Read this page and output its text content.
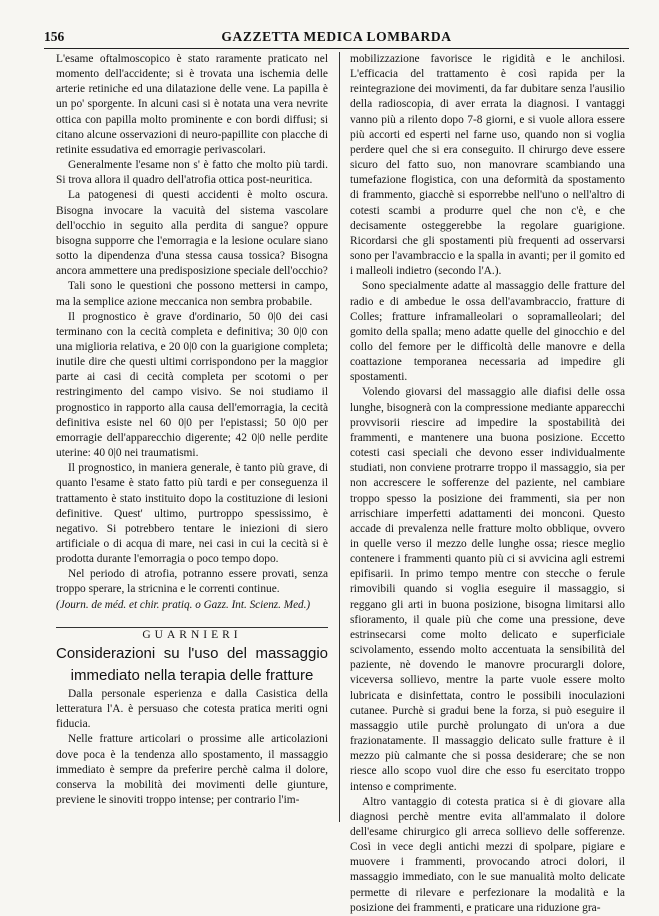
156	GAZZETTA MEDICA LOMBARDA

L'esame oftalmoscopico è stato raramente praticato nel momento dell'accidente; si è trovata una ischemia delle arterie retiniche ed una dilatazione delle vene. La papilla è un po' sporgente. In alcuni casi si è notata una vera nevrite ottica con papilla molto prominente e con bordi diffusi; si citano alcune osservazioni di neuro-papillite con placche di retinite essudativa ed emorragie perivascolari.

Generalmente l'esame non s' è fatto che molto più tardi. Si trova allora il quadro dell'atrofia ottica post-neuritica.

La patogenesi di questi accidenti è molto oscura. Bisogna invocare la vacuità del sistema vascolare dell'occhio in seguito alla perdita di sangue? oppure bisogna supporre che l'emorragia e la lesione oculare siano sotto la dipendenza d'una stessa causa tossica? Bisogna ancora ammettere una predisposizione speciale dell'occhio?

Tali sono le questioni che possono mettersi in campo, ma la semplice azione meccanica non sembra probabile.

Il prognostico è grave d'ordinario, 50 0|0 dei casi terminano con la cecità completa e definitiva; 30 0|0 con una miglioria relativa, e 20 0|0 con la guarigione completa; inutile dire che questi ultimi corrispondono per la maggior parte ai casi di cecità completa per scotomi o per restringimento del campo visivo. Se noi studiamo il prognostico in rapporto alla causa dell'emorragia, la cecità definitiva esiste nel 60 0|0 per l'epistassi; 50 0|0 per emorragie dell'apparecchio digerente; 42 0|0 nelle perdite uterine: 40 0|0 nei traumatismi.

Il prognostico, in maniera generale, è tanto più grave, di quanto l'esame è stato fatto più tardi e per conseguenza il trattamento è stato instituito dopo la costituzione di lesioni definitive. Quest' ultimo, purtroppo spessissimo, è negativo. Si potrebbero tentare le iniezioni di siero artificiale o di acqua di mare, nei casi in cui la cecità si è prodotta durante l'emorragia o poco tempo dopo.

Nel periodo di atrofia, potranno essere provati, senza troppo sperare, la stricnina e le correnti continue.

(Journ. de méd. et chir. pratiq. o Gazz. Int. Scienz. Med.)

GUARNIERI

Considerazioni su l'uso del massaggio immediato nella terapia delle fratture

Dalla personale esperienza e dalla Casistica della letteratura l'A. è persuaso che cotesta pratica meriti ogni fiducia.

Nelle fratture articolari o prossime alle articolazioni dove poca è la tendenza allo spostamento, il massaggio immediato è sempre da preferire perchè calma il dolore, conserva la mobilità dei movimenti delle giunture, previene le sinoviti troppo intense; per contrario l'im-

mobilizzazione favorisce le rigidità e le anchilosi. L'efficacia del trattamento è così rapida per la reintegrazione dei movimenti, da far dubitare senza l'ausilio della radioscopia, di aver errata la diagnosi. I vantaggi vanno più a rilento dopo 7-8 giorni, e si vuole allora essere più accorti ed esperti nel farne uso, quando non si voglia perdere quel che si era conseguito. Il chirurgo deve essere sicuro del fatto suo, non manovrare scambiando una tumefazione flogistica, con una deformità da spostamento di frammento, giacchè si esporrebbe nell'uno o nell'altro di cotesti scambi a produrre quel che non c'è, e che decisamente osteggerebbe la regolare guarigione. Ricordarsi che gli spostamenti più frequenti ad osservarsi sono per l'avambraccio e la spalla in avanti; per il gomito ed i malleoli indietro (secondo l'A.).

Sono specialmente adatte al massaggio delle fratture del radio e di ambedue le ossa dell'avambraccio, fratture di Colles; fratture inframalleolari o sopramalleolari; del gomito della spalla; meno adatte quelle del ginocchio e del collo del femore per le difficoltà delle manovre e della coattazione temporanea necessaria ad impedire gli spostamenti.

Volendo giovarsi del massaggio alle diafisi delle ossa lunghe, bisognerà con la compressione mediante apparecchi provvisorii riescire ad impedire la spostabilità dei frammenti, e mantenere una buona posizione. Eccetto cotesti casi speciali che devono esser individualmente studiati, non conviene protrarre troppo il massaggio, sia per non accrescere le sofferenze del paziente, nel cambiare troppo spesso la posizione dei frammenti, sia per non arrischiare imperfetti adattamenti dei monconi. Questo accade di prevalenza nelle fratture molto obblique, ovvero in quelle verso il mezzo delle lunghe ossa; riesce meglio contenere i frammenti quanto più ci si avvicina agli estremi epifisarii. In primo tempo mentre con stecche o ferule rimovibili quando si voglia eseguire il massaggio, si reggano gli arti in buona posizione, bisogna limitarsi allo sfioramento, il quale più che come una pressione, deve estrinsecarsi come molto delicato e superficiale scivolamento, essendo molto accentuata la sensibilità del paziente, nè dovendo le manovre procurargli dolore, viceversa sollievo, mentre la parte vuole essere molto lubricata e disinfettata, contro le possibili inoculazioni cutanee. Purchè si gradui bene la forza, si può eseguire il massaggio utile purchè prolungato di un'ora a due frazionatamente. Il massaggio delicato sulle fratture è il mezzo più calmante che si possa desiderare; che se non riesce allo scopo vuol dire che esso fu esercitato troppo intenso e comprimente.

Altro vantaggio di cotesta pratica si è di giovare alla diagnosi perchè mentre evita all'ammalato il dolore dell'esame chirurgico gli arreca sollievo delle sofferenze. Così in vece degli antichi mezzi di spolpare, pigiare e muovere i frammenti, provocando atroci dolori, il massaggio immediato, con le sue manualità molto delicate permette di rilevare e perfezionare la modalità e la posizione dei frammenti, e praticare una riduzione gra-
